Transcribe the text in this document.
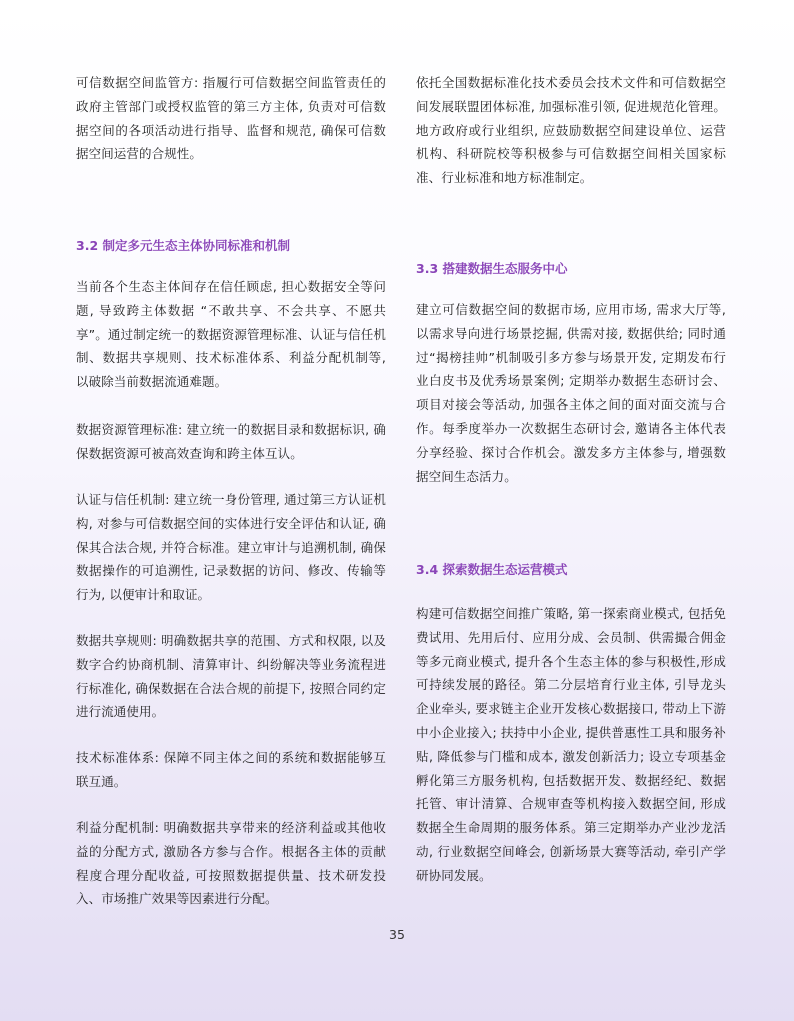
可信数据空间监管方: 指履行可信数据空间监管责任的政府主管部门或授权监管的第三方主体, 负责对可信数据空间的各项活动进行指导、监督和规范, 确保可信数据空间运营的合规性。

3.2 制定多元生态主体协同标准和机制

当前各个生态主体间存在信任顾虑, 担心数据安全等问题, 导致跨主体数据 “不敢共享、不会共享、不愿共享”。通过制定统一的数据资源管理标准、认证与信任机制、数据共享规则、技术标准体系、利益分配机制等, 以破除当前数据流通难题。

数据资源管理标准: 建立统一的数据目录和数据标识, 确保数据资源可被高效查询和跨主体互认。

认证与信任机制: 建立统一身份管理, 通过第三方认证机构, 对参与可信数据空间的实体进行安全评估和认证, 确保其合法合规, 并符合标准。建立审计与追溯机制, 确保数据操作的可追溯性, 记录数据的访问、修改、传输等行为, 以便审计和取证。

数据共享规则: 明确数据共享的范围、方式和权限, 以及数字合约协商机制、清算审计、纠纷解决等业务流程进行标准化, 确保数据在合法合规的前提下, 按照合同约定进行流通使用。

技术标准体系: 保障不同主体之间的系统和数据能够互联互通。

利益分配机制: 明确数据共享带来的经济利益或其他收益的分配方式, 激励各方参与合作。根据各主体的贡献程度合理分配收益, 可按照数据提供量、技术研发投入、市场推广效果等因素进行分配。

依托全国数据标准化技术委员会技术文件和可信数据空间发展联盟团体标准, 加强标准引领, 促进规范化管理。地方政府或行业组织, 应鼓励数据空间建设单位、运营机构、科研院校等积极参与可信数据空间相关国家标准、行业标准和地方标准制定。

3.3 搭建数据生态服务中心

建立可信数据空间的数据市场, 应用市场, 需求大厅等, 以需求导向进行场景挖掘, 供需对接, 数据供给; 同时通过“揭榜挂帅”机制吸引多方参与场景开发, 定期发布行业白皮书及优秀场景案例; 定期举办数据生态研讨会、项目对接会等活动, 加强各主体之间的面对面交流与合作。每季度举办一次数据生态研讨会, 邀请各主体代表分享经验、探讨合作机会。激发多方主体参与, 增强数据空间生态活力。

3.4 探索数据生态运营模式

构建可信数据空间推广策略, 第一探索商业模式, 包括免费试用、先用后付、应用分成、会员制、供需撮合佣金等多元商业模式, 提升各个生态主体的参与积极性,形成可持续发展的路径。第二分层培育行业主体, 引导龙头企业牵头, 要求链主企业开发核心数据接口, 带动上下游中小企业接入; 扶持中小企业, 提供普惠性工具和服务补贴, 降低参与门槛和成本, 激发创新活力; 设立专项基金孵化第三方服务机构, 包括数据开发、数据经纪、数据托管、审计清算、合规审查等机构接入数据空间, 形成数据全生命周期的服务体系。第三定期举办产业沙龙活动, 行业数据空间峰会, 创新场景大赛等活动, 牵引产学研协同发展。

35
